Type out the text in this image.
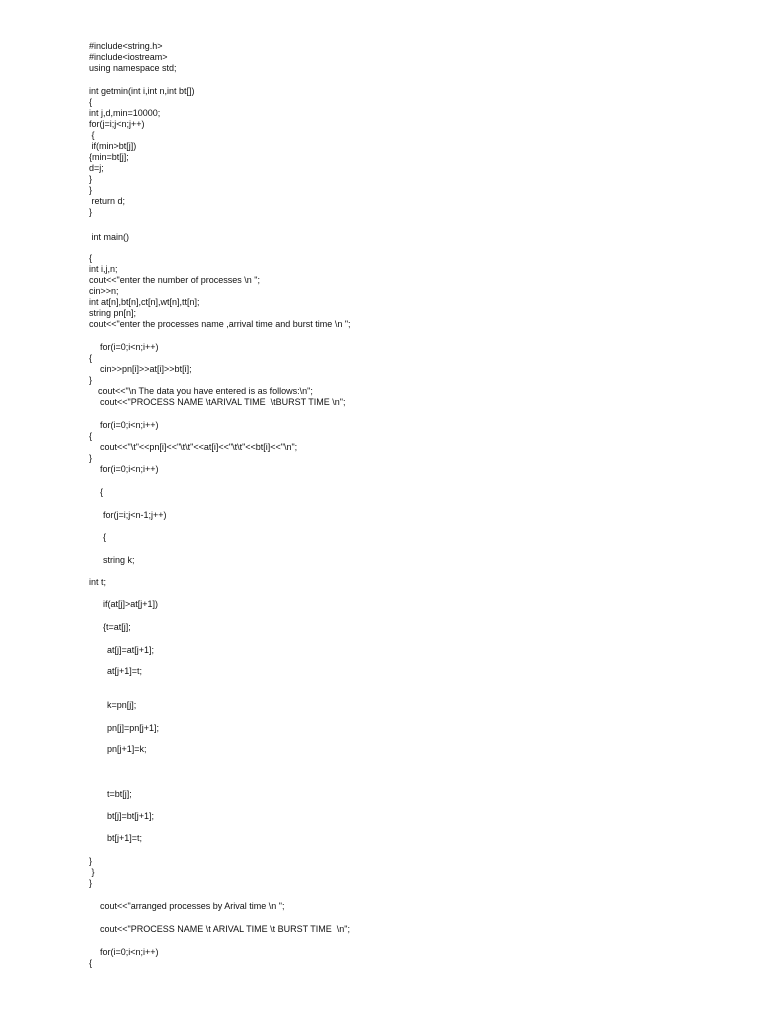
#include<string.h>
#include<iostream>
using namespace std;
int getmin(int i,int n,int bt[])
{
int j,d,min=10000;
for(j=i;j<n;j++)
{
if(min>bt[j])
{min=bt[j];
d=j;
}
}
return d;
}
int main()
{
int i,j,n;
cout<<"enter the number of processes \n ";
cin>>n;
int at[n],bt[n],ct[n],wt[n],tt[n];
string pn[n];
cout<<"enter the processes name ,arrival time and burst time \n ";
for(i=0;i<n;i++)
{
cin>>pn[i]>>at[i]>>bt[i];
}
cout<<"\n The data you have entered is as follows:\n";
cout<<"PROCESS NAME \tARIVAL TIME  \tBURST TIME \n";
for(i=0;i<n;i++)
{
cout<<"\t"<<pn[i]<<"\t\t"<<at[i]<<"\t\t"<<bt[i]<<"\n";
}
for(i=0;i<n;i++)
{
for(j=i;j<n-1;j++)
{
string k;
int t;
if(at[j]>at[j+1])
{t=at[j];
at[j]=at[j+1];
at[j+1]=t;
k=pn[j];
pn[j]=pn[j+1];
pn[j+1]=k;
t=bt[j];
bt[j]=bt[j+1];
bt[j+1]=t;
}
}
}
cout<<"arranged processes by Arival time \n ";
cout<<"PROCESS NAME \t ARIVAL TIME \t BURST TIME  \n";
for(i=0;i<n;i++)
{
